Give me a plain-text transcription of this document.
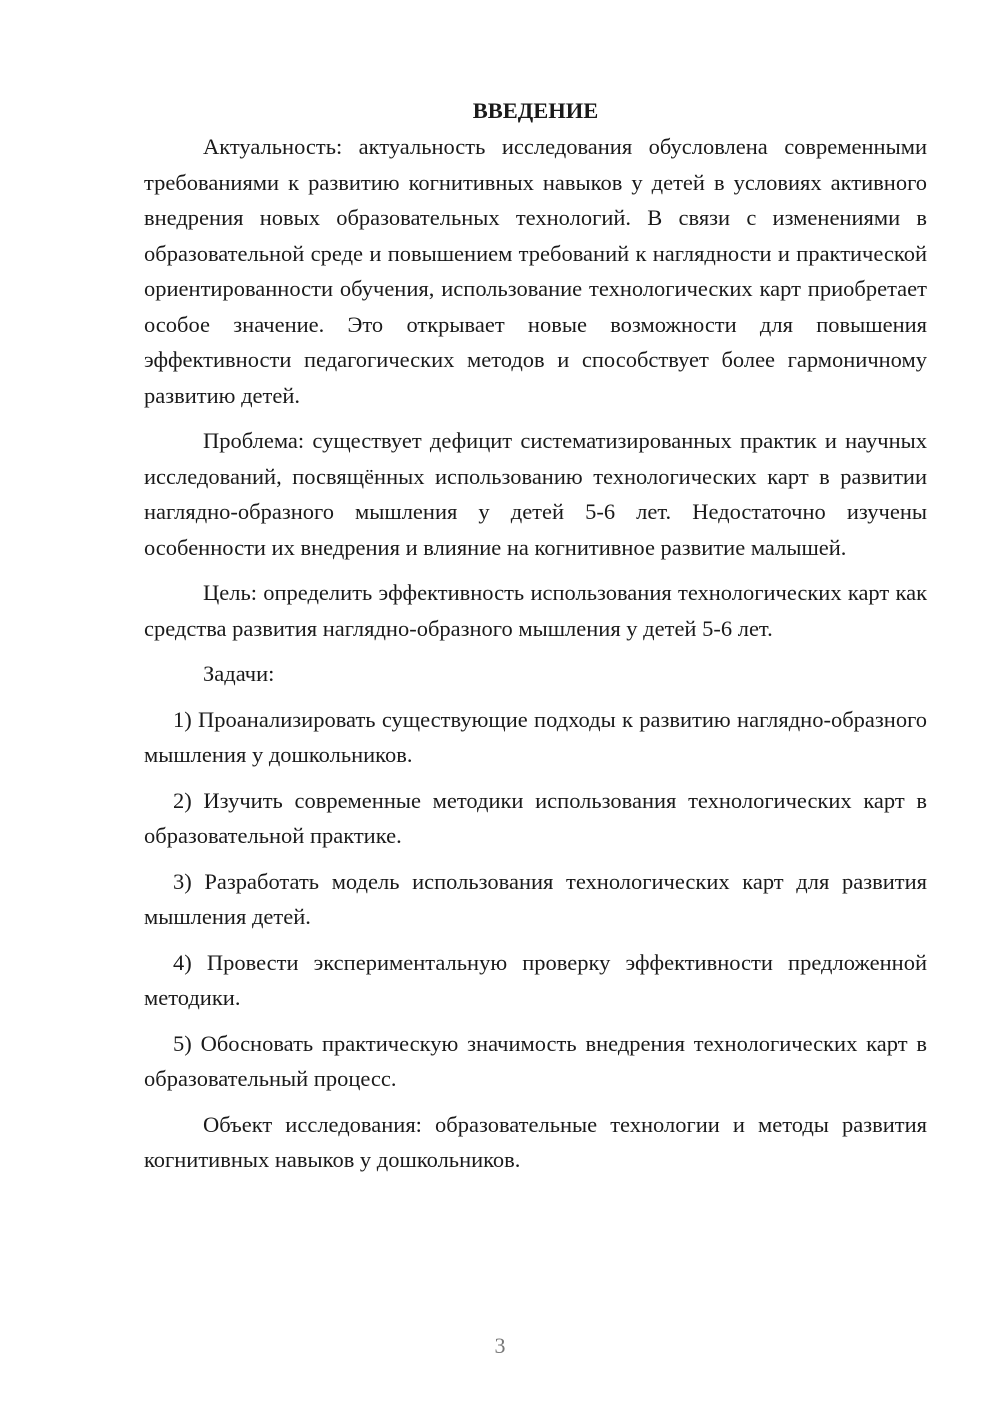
ВВЕДЕНИЕ

Актуальность: актуальность исследования обусловлена современными требованиями к развитию когнитивных навыков у детей в условиях активного внедрения новых образовательных технологий. В связи с изменениями в образовательной среде и повышением требований к наглядности и практической ориентированности обучения, использование технологических карт приобретает особое значение. Это открывает новые возможности для повышения эффективности педагогических методов и способствует более гармоничному развитию детей.

Проблема: существует дефицит систематизированных практик и научных исследований, посвящённых использованию технологических карт в развитии наглядно-образного мышления у детей 5-6 лет. Недостаточно изучены особенности их внедрения и влияние на когнитивное развитие малышей.

Цель: определить эффективность использования технологических карт как средства развития наглядно-образного мышления у детей 5-6 лет.

Задачи:

1) Проанализировать существующие подходы к развитию наглядно-образного мышления у дошкольников.

2) Изучить современные методики использования технологических карт в образовательной практике.

3) Разработать модель использования технологических карт для развития мышления детей.

4) Провести экспериментальную проверку эффективности предложенной методики.

5) Обосновать практическую значимость внедрения технологических карт в образовательный процесс.

Объект исследования: образовательные технологии и методы развития когнитивных навыков у дошкольников.

3
